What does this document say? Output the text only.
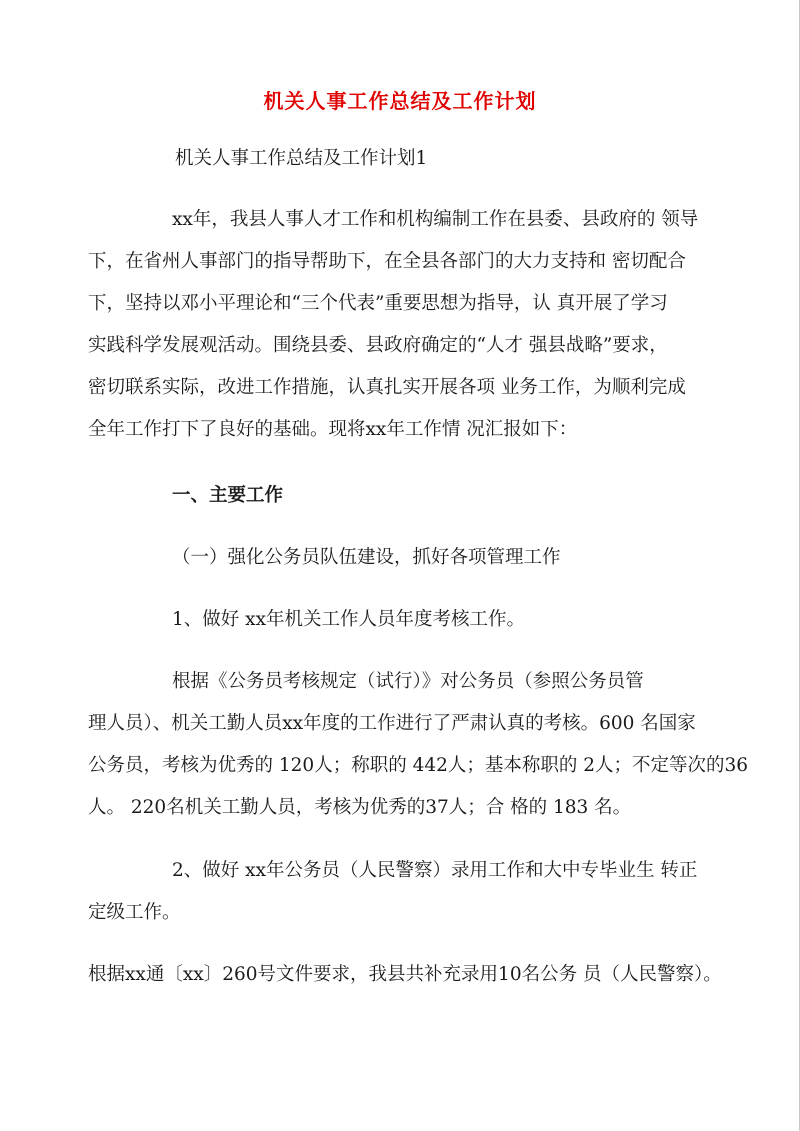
机关人事工作总结及工作计划
机关人事工作总结及工作计划1
xx年，我县人事人才工作和机构编制工作在县委、县政府的 领导
下，在省州人事部门的指导帮助下，在全县各部门的大力支持和 密切配合
下，坚持以邓小平理论和“三个代表”重要思想为指导，认 真开展了学习
实践科学发展观活动。围绕县委、县政府确定的“人才 强县战略”要求，
密切联系实际，改进工作措施，认真扎实开展各项 业务工作，为顺利完成
全年工作打下了良好的基础。现将xx年工作情 况汇报如下：
一、主要工作
（一）强化公务员队伍建设，抓好各项管理工作
1、做好 xx年机关工作人员年度考核工作。
根据《公务员考核规定（试行）》对公务员（参照公务员管
理人员）、机关工勤人员xx年度的工作进行了严肃认真的考核。600 名国家
公务员，考核为优秀的 120人；称职的 442人；基本称职的 2人；不定等次的36
人。 220名机关工勤人员，考核为优秀的37人；合 格的 183 名。
2、做好 xx年公务员（人民警察）录用工作和大中专毕业生 转正
定级工作。
根据xx通〔xx〕260号文件要求，我县共补充录用10名公务 员（人民警察）。
